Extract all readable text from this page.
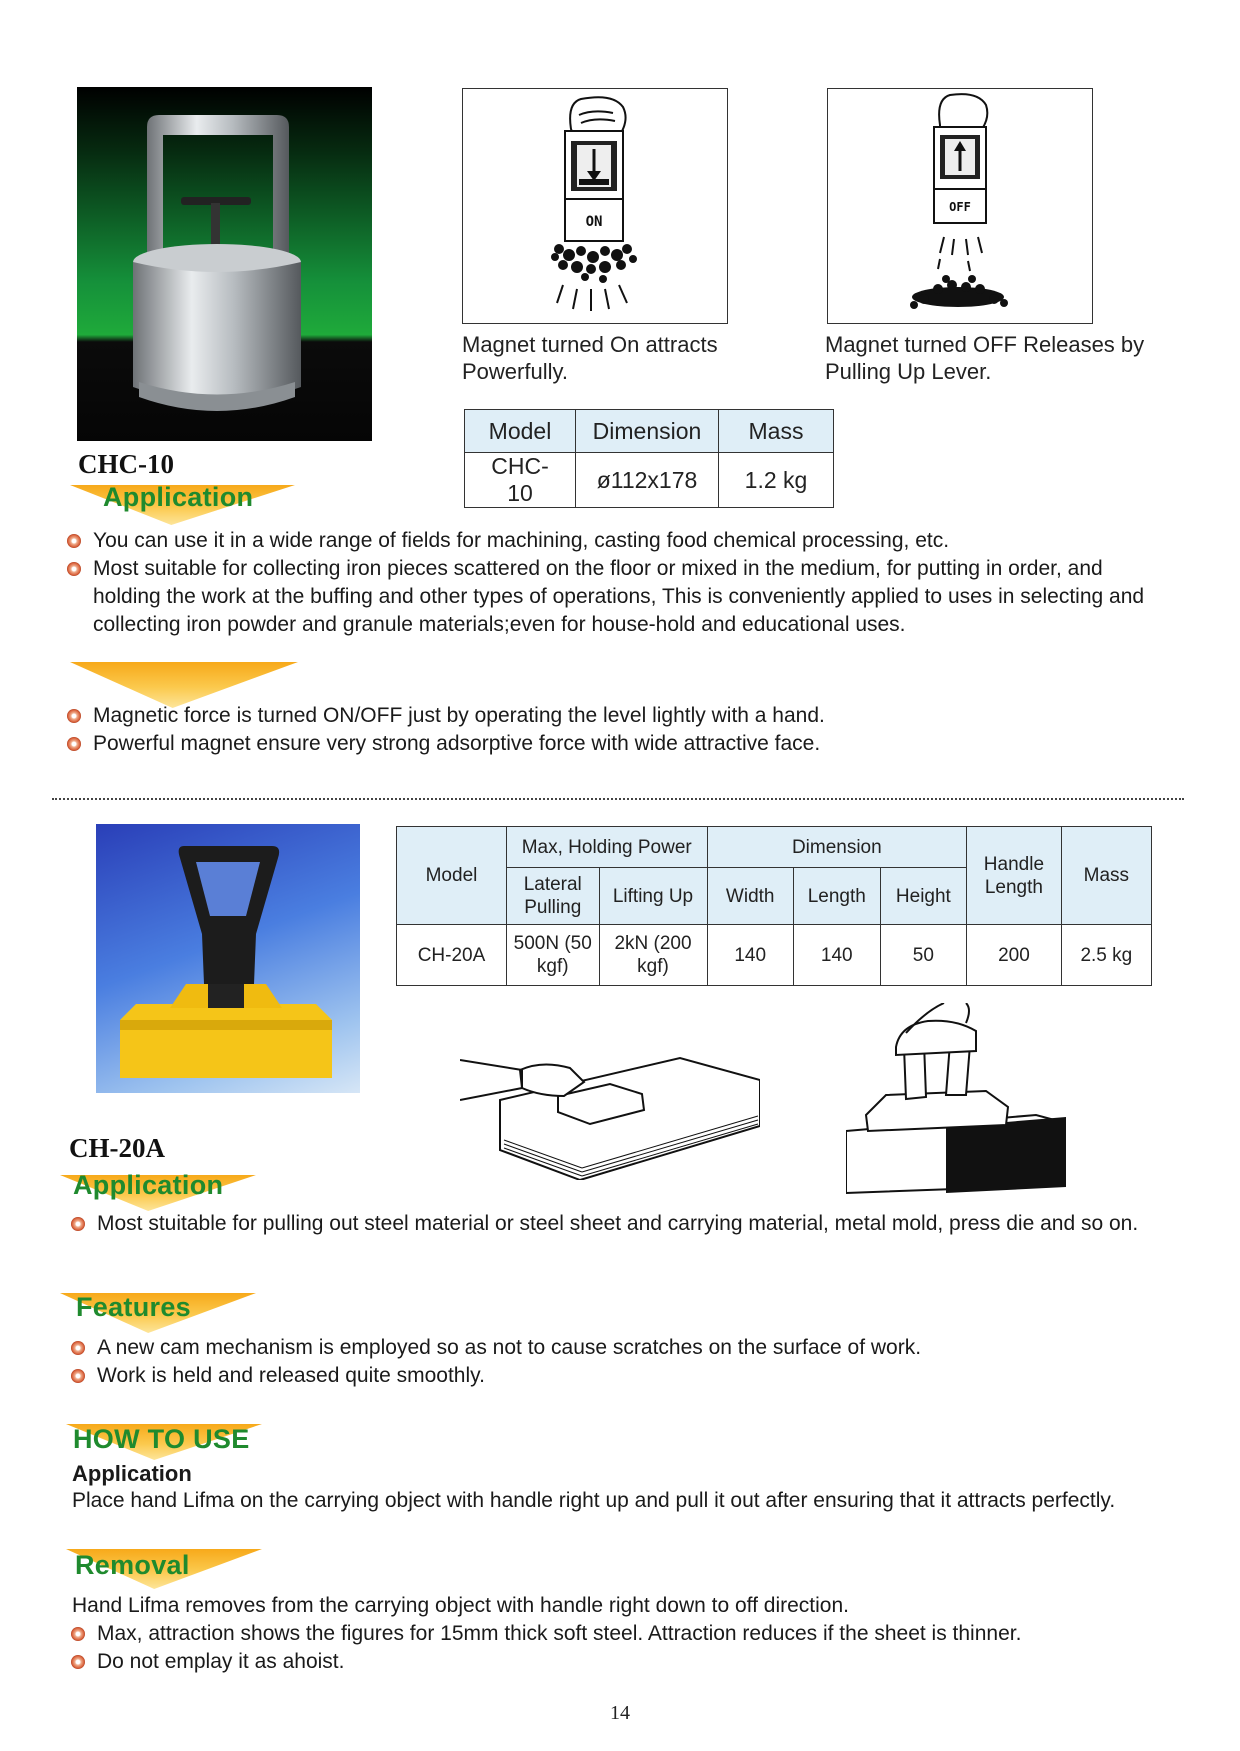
CHC-10
ON
Magnet turned On attracts Powerfully.
OFF
Magnet turned OFF Releases by Pulling Up Lever.
Model	Dimension	Mass
CHC-10	ø112x178	1.2 kg
Application
You can use it in a wide range of fields for machining, casting food chemical processing, etc.
Most suitable for collecting iron pieces scattered on the floor or mixed in the medium, for putting in order, and holding the work at the buffing and other types of operations, This is conveniently applied to uses in selecting and collecting iron powder and granule materials;even for house-hold and educational uses.
Magnetic force is turned ON/OFF just by operating the level lightly with a hand.
Powerful magnet ensure very strong adsorptive force with wide attractive face.
Model	Max, Holding Power		Dimension			Handle Length	Mass
	Lateral Pulling	Lifting Up	Width	Length	Height		
CH-20A	500N (50 kgf)	2kN (200 kgf)	140	140	50	200	2.5 kg
CH-20A
Application
Most stuitable for pulling out steel material or steel sheet and carrying material, metal mold, press die and so on.
Features
A new cam mechanism is employed so as not to cause scratches on the surface of work.
Work is held and released quite smoothly.
HOW TO USE
Application
Place hand Lifma on the carrying object with handle right up and pull it out after ensuring that it attracts perfectly.
Removal
Hand Lifma removes from the carrying object with handle right down to off direction.
Max, attraction shows the figures for 15mm thick soft steel. Attraction reduces if the sheet is thinner.
Do not emplay it as ahoist.
14
